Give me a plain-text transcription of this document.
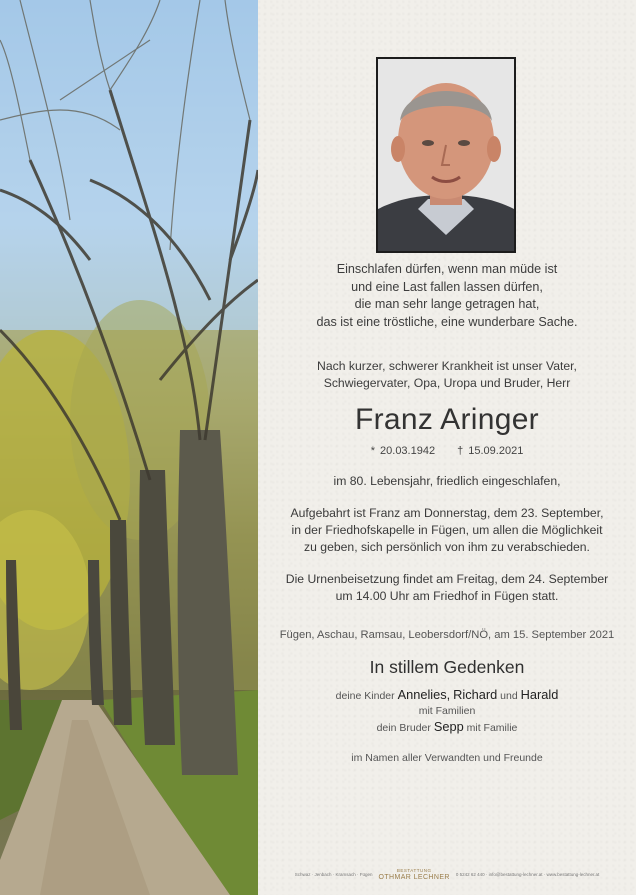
Einschlafen dürfen, wenn man müde ist
und eine Last fallen lassen dürfen,
die man sehr lange getragen hat,
das ist eine tröstliche, eine wunderbare Sache.
Nach kurzer, schwerer Krankheit ist unser Vater,
Schwiegervater, Opa, Uropa und Bruder, Herr
Franz Aringer
* 20.03.1942 † 15.09.2021
im 80. Lebensjahr, friedlich eingeschlafen,
Aufgebahrt ist Franz am Donnerstag, dem 23. September,
in der Friedhofskapelle in Fügen, um allen die Möglichkeit
zu geben, sich persönlich von ihm zu verabschieden.
Die Urnenbeisetzung findet am Freitag, dem 24. September
um 14.00 Uhr am Friedhof in Fügen statt.
Fügen, Aschau, Ramsau, Leobersdorf/NÖ, am 15. September 2021
In stillem Gedenken
deine Kinder Annelies, Richard und Harald
mit Familien
dein Bruder Sepp mit Familie
im Namen aller Verwandten und Freunde
Schwaz · Jenbach · Kramsach · Fügen
BESTATTUNG
OTHMAR LECHNER 0 5242 62 440 · info@bestattung-lechner.at · www.bestattung-lechner.at
